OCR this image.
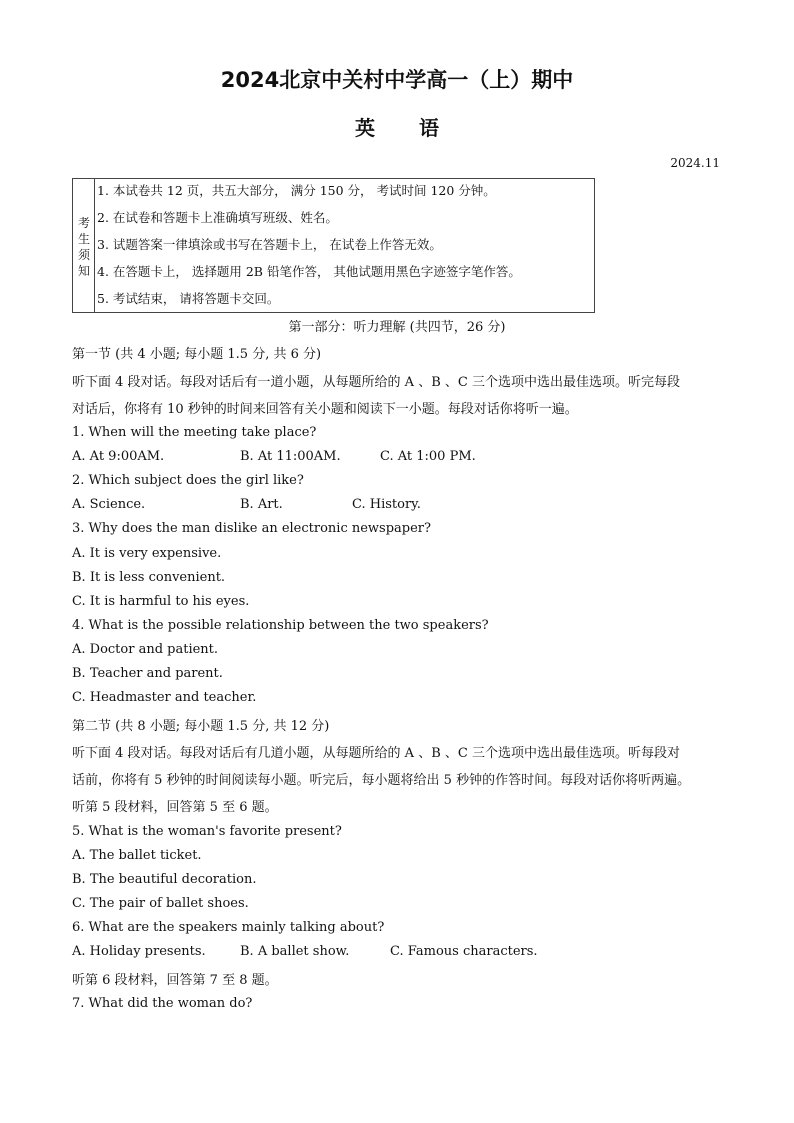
2024北京中关村中学高一（上）期中
英 语
2024.11
考
生
须
知
1. 本试卷共 12 页，共五大部分， 满分 150 分， 考试时间 120 分钟。
2. 在试卷和答题卡上准确填写班级、姓名。
3. 试题答案一律填涂或书写在答题卡上， 在试卷上作答无效。
4. 在答题卡上， 选择题用 2B 铅笔作答， 其他试题用黑色字迹签字笔作答。
5. 考试结束， 请将答题卡交回。
第一部分：听力理解 (共四节，26 分)
第一节 (共 4 小题; 每小题 1.5 分, 共 6 分)
听下面 4 段对话。每段对话后有一道小题，从每题所给的 A 、B 、C 三个选项中选出最佳选项。听完每段
对话后，你将有 10 秒钟的时间来回答有关小题和阅读下一小题。每段对话你将听一遍。
1. When will the meeting take place?
A. At 9:00AM.	B. At 11:00AM.	C. At 1:00 PM.
2. Which subject does the girl like?
A. Science.	B. Art.	C. History.
3. Why does the man dislike an electronic newspaper?
A. It is very expensive.
B. It is less convenient.
C. It is harmful to his eyes.
4. What is the possible relationship between the two speakers?
A. Doctor and patient.
B. Teacher and parent.
C. Headmaster and teacher.
第二节 (共 8 小题; 每小题 1.5 分, 共 12 分)
听下面 4 段对话。每段对话后有几道小题，从每题所给的 A 、B 、C 三个选项中选出最佳选项。听每段对
话前，你将有 5 秒钟的时间阅读每小题。听完后，每小题将给出 5 秒钟的作答时间。每段对话你将听两遍。
听第 5 段材料，回答第 5 至 6 题。
5. What is the woman's favorite present?
A. The ballet ticket.
B. The beautiful decoration.
C. The pair of ballet shoes.
6. What are the speakers mainly talking about?
A. Holiday presents.	B. A ballet show.	C. Famous characters.
听第 6 段材料，回答第 7 至 8 题。
7. What did the woman do?
